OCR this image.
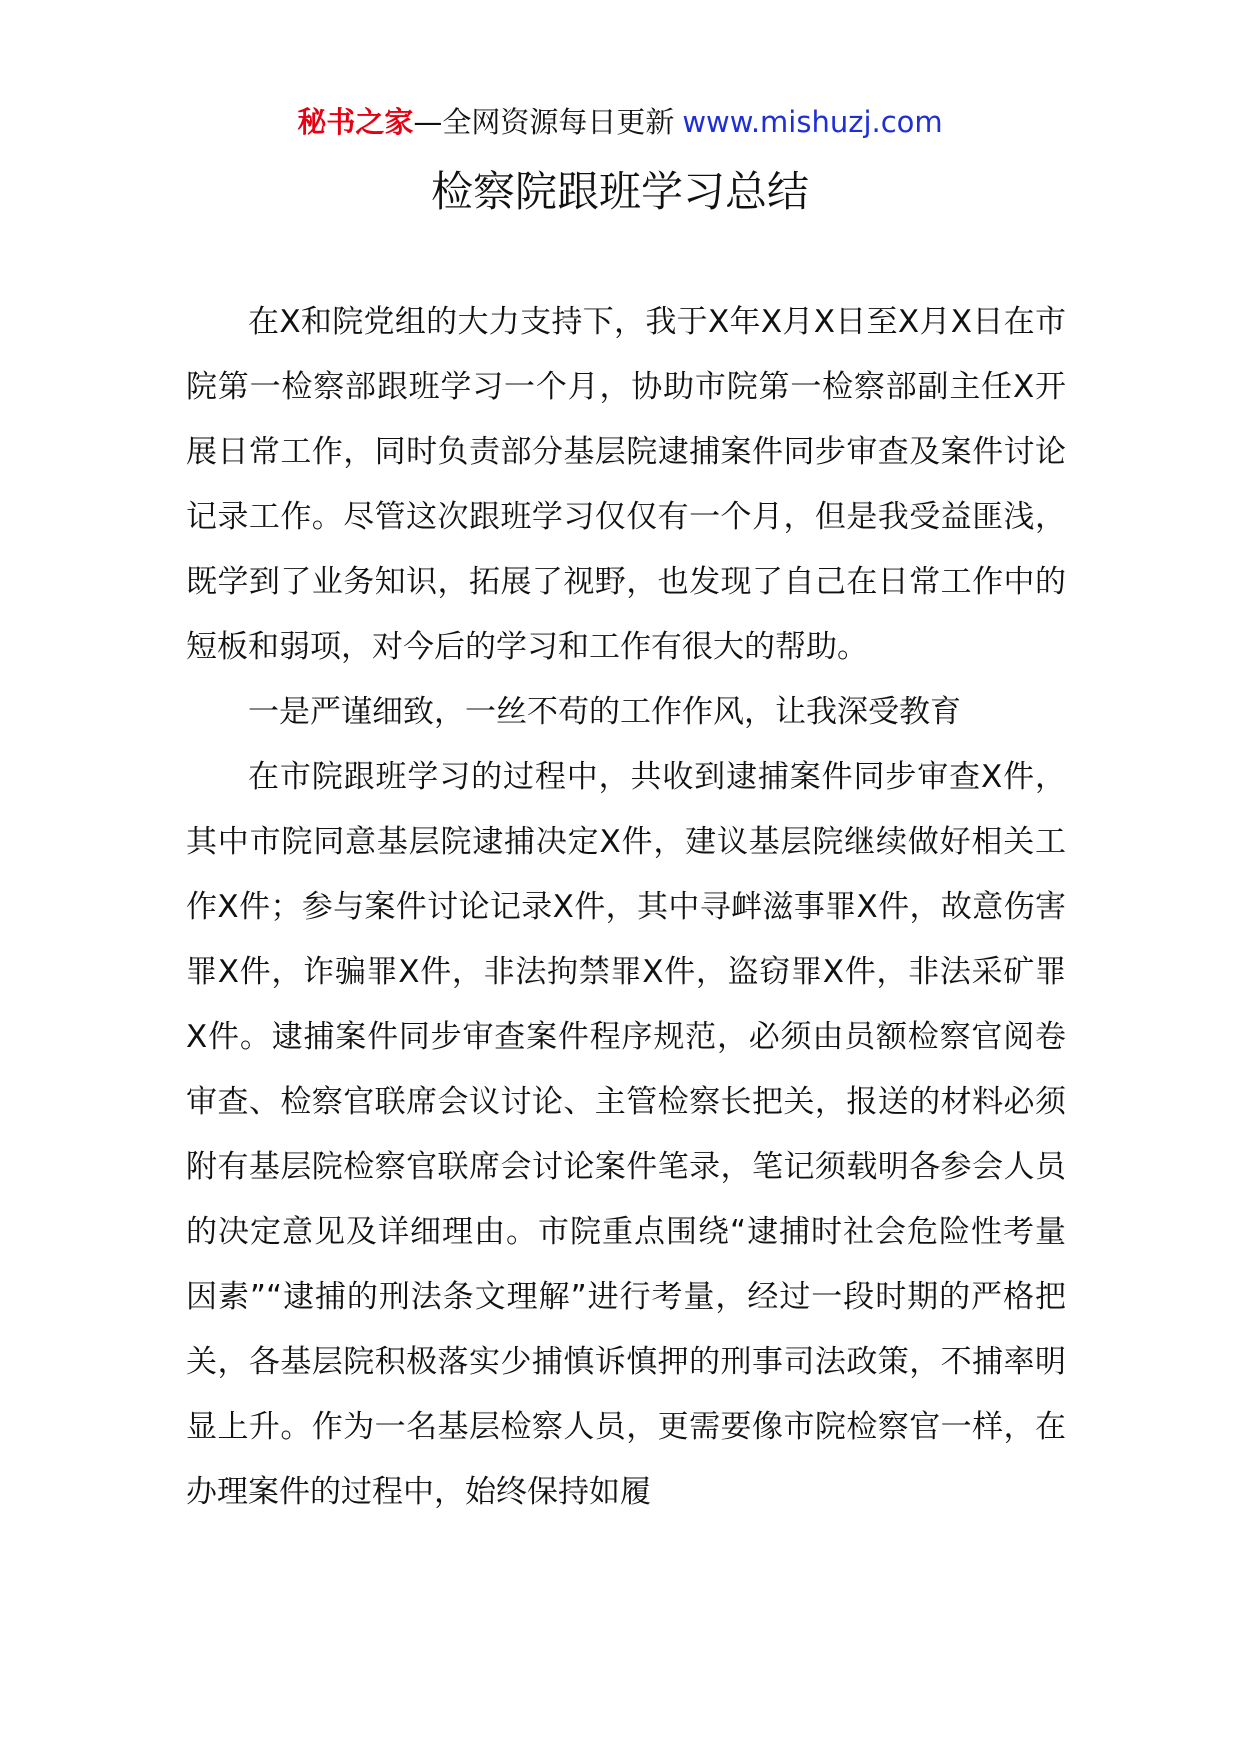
秘书之家—全网资源每日更新 www.mishuzj.com
检察院跟班学习总结

在X和院党组的大力支持下，我于X年X月X日至X月X日在市院第一检察部跟班学习一个月，协助市院第一检察部副主任X开展日常工作，同时负责部分基层院逮捕案件同步审查及案件讨论记录工作。尽管这次跟班学习仅仅有一个月，但是我受益匪浅，既学到了业务知识，拓展了视野，也发现了自己在日常工作中的短板和弱项，对今后的学习和工作有很大的帮助。

一是严谨细致，一丝不苟的工作作风，让我深受教育

在市院跟班学习的过程中，共收到逮捕案件同步审查X件，其中市院同意基层院逮捕决定X件，建议基层院继续做好相关工作X件；参与案件讨论记录X件，其中寻衅滋事罪X件，故意伤害罪X件，诈骗罪X件，非法拘禁罪X件，盗窃罪X件，非法采矿罪X件。逮捕案件同步审查案件程序规范，必须由员额检察官阅卷审查、检察官联席会议讨论、主管检察长把关，报送的材料必须附有基层院检察官联席会讨论案件笔录，笔记须载明各参会人员的决定意见及详细理由。市院重点围绕“逮捕时社会危险性考量因素”“逮捕的刑法条文理解”进行考量，经过一段时期的严格把关，各基层院积极落实少捕慎诉慎押的刑事司法政策，不捕率明显上升。作为一名基层检察人员，更需要像市院检察官一样，在办理案件的过程中，始终保持如履
